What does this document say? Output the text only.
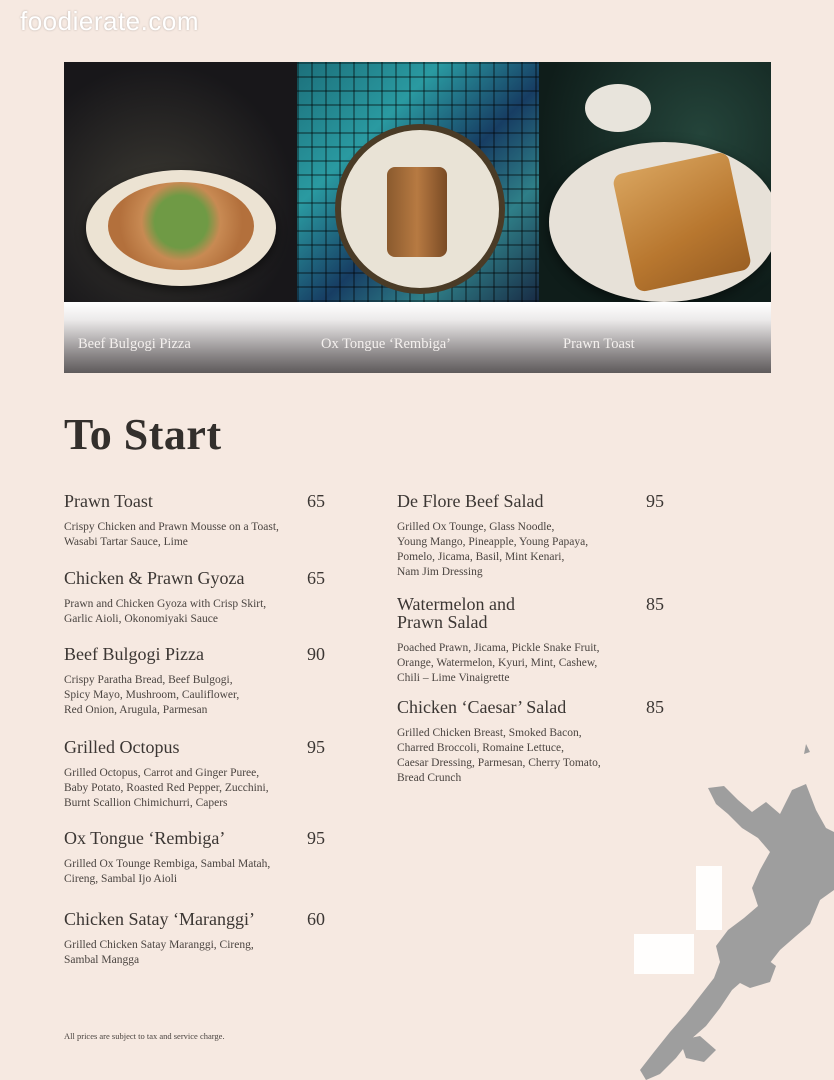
foodierate.com
Beef Bulgogi Pizza	Ox Tongue ‘Rembiga’	Prawn Toast
To Start
Prawn Toast	65
Crispy Chicken and Prawn Mousse on a Toast,
Wasabi Tartar Sauce, Lime
Chicken & Prawn Gyoza	65
Prawn and Chicken Gyoza with Crisp Skirt,
Garlic Aioli, Okonomiyaki Sauce
Beef Bulgogi Pizza	90
Crispy Paratha Bread, Beef Bulgogi,
Spicy Mayo, Mushroom, Cauliflower,
Red Onion, Arugula, Parmesan
Grilled Octopus	95
Grilled Octopus, Carrot and Ginger Puree,
Baby Potato, Roasted Red Pepper, Zucchini,
Burnt Scallion Chimichurri, Capers
Ox Tongue ‘Rembiga’	95
Grilled Ox Tounge Rembiga, Sambal Matah,
Cireng, Sambal Ijo Aioli
Chicken Satay ‘Maranggi’	60
Grilled Chicken Satay Maranggi, Cireng,
Sambal Mangga
De Flore Beef Salad	95
Grilled Ox Tounge, Glass Noodle,
Young Mango, Pineapple, Young Papaya,
Pomelo, Jicama, Basil, Mint Kenari,
Nam Jim Dressing
Watermelon and
Prawn Salad
85
Poached Prawn, Jicama, Pickle Snake Fruit,
Orange, Watermelon, Kyuri, Mint, Cashew,
Chili – Lime Vinaigrette
Chicken ‘Caesar’ Salad	85
Grilled Chicken Breast, Smoked Bacon,
Charred Broccoli, Romaine Lettuce,
Caesar Dressing, Parmesan, Cherry Tomato,
Bread Crunch
All prices are subject to tax and service charge.
